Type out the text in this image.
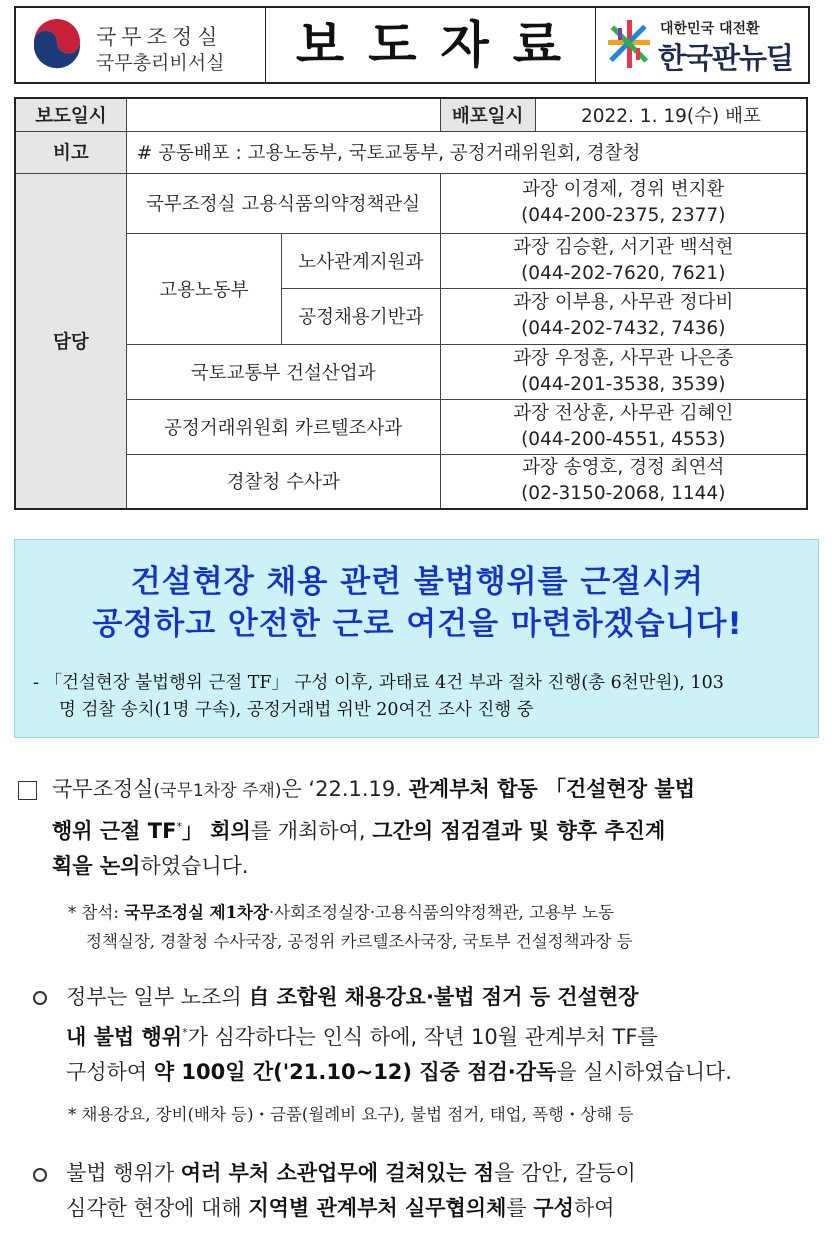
국무조정실
국무총리비서실	보도자료	대한민국 대전환
한국판뉴딜
보도일시			배포일시	2022. 1. 19(수) 배포
비고	# 공동배포 : 고용노동부, 국토교통부, 공정거래위원회, 경찰청			
담당	국무조정실 고용식품의약정책관실		과장 이경제, 경위 변지환
(044-200-2375, 2377)	

	고용노동부	노사관계지원과	과장 김승환, 서기관 백석현
(044-202-7620, 7621)	

		공정채용기반과	과장 이부용, 사무관 정다비
(044-202-7432, 7436)	

	국토교통부 건설산업과		과장 우정훈, 사무관 나은종
(044-201-3538, 3539)	

	공정거래위원회 카르텔조사과		과장 전상훈, 사무관 김혜인
(044-200-4551, 4553)	

	경찰청 수사과		과장 송영호, 경정 최연석
(02-3150-2068, 1144)	
건설현장 채용 관련 불법행위를 근절시켜
공정하고 안전한 근로 여건을 마련하겠습니다!
- 「건설현장 불법행위 근절 TF」 구성 이후, 과태료 4건 부과 절차 진행(총 6천만원), 103
명 검찰 송치(1명 구속), 공정거래법 위반 20여건 조사 진행 중
국무조정실(국무1차장 주재)은 ‘22.1.19. 관계부처 합동 「건설현장 불법
행위 근절 TF*」 회의를 개최하여, 그간의 점검결과 및 향후 추진계
획을 논의하였습니다.
* 참석: 국무조정실 제1차장·사회조정실장·고용식품의약정책관, 고용부 노동
정책실장, 경찰청 수사국장, 공정위 카르텔조사국장, 국토부 건설정책과장 등
정부는 일부 노조의 自 조합원 채용강요·불법 점거 등 건설현장
내 불법 행위*가 심각하다는 인식 하에, 작년 10월 관계부처 TF를
구성하여 약 100일 간('21.10∼12) 집중 점검·감독을 실시하였습니다.
* 채용강요, 장비(배차 등)・금품(월례비 요구), 불법 점거, 태업, 폭행・상해 등
불법 행위가 여러 부처 소관업무에 걸쳐있는 점을 감안, 갈등이
심각한 현장에 대해 지역별 관계부처 실무협의체를 구성하여
